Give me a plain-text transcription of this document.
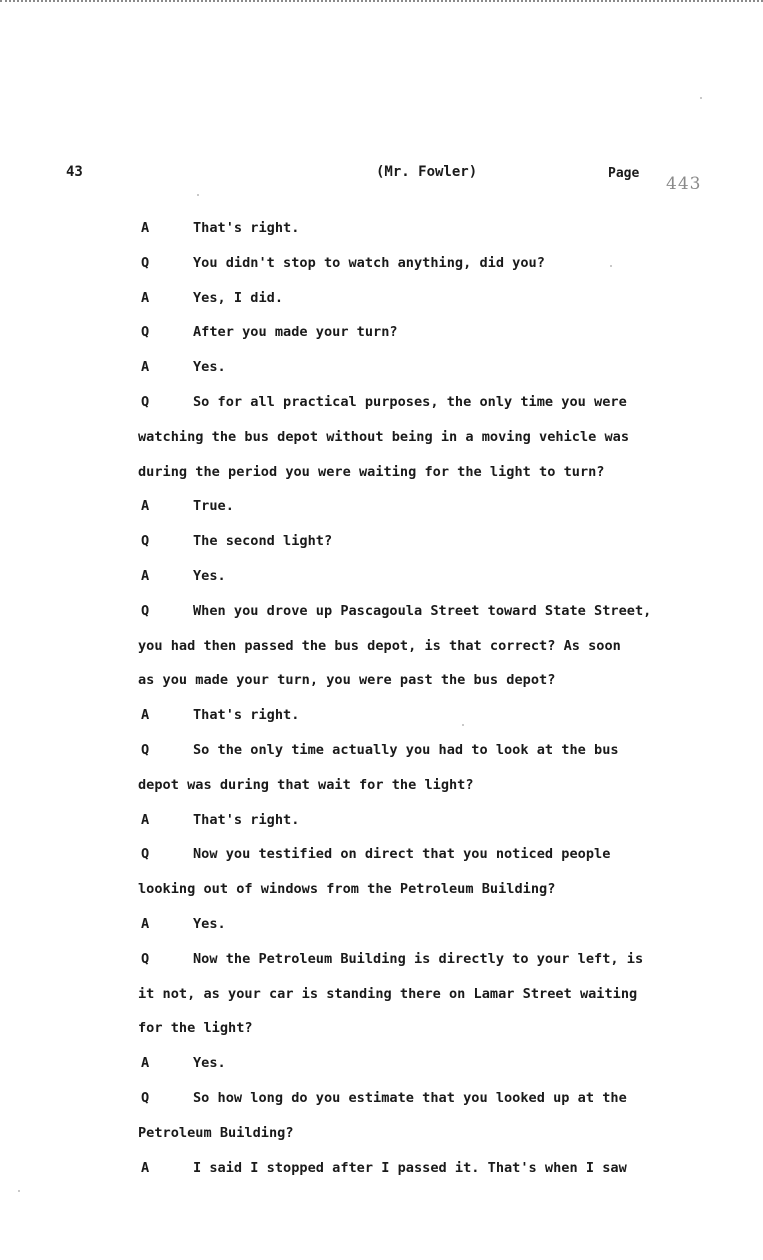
43	(Mr. Fowler)	Page
443
A	That's right.
Q	You didn't stop to watch anything, did you?
A	Yes, I did.
Q	After you made your turn?
A	Yes.
Q	So for all practical purposes, the only time you were
watching the bus depot without being in a moving vehicle was
during the period you were waiting for the light to turn?
A	True.
Q	The second light?
A	Yes.
Q	When you drove up Pascagoula Street toward State Street,
you had then passed the bus depot, is that correct? As soon
as you made your turn, you were past the bus depot?
A	That's right.
Q	So the only time actually you had to look at the bus
depot was during that wait for the light?
A	That's right.
Q	Now you testified on direct that you noticed people
looking out of windows from the Petroleum Building?
A	Yes.
Q	Now the Petroleum Building is directly to your left, is
it not, as your car is standing there on Lamar Street waiting
for the light?
A	Yes.
Q	So how long do you estimate that you looked up at the
Petroleum Building?
A	I said I stopped after I passed it. That's when I saw
